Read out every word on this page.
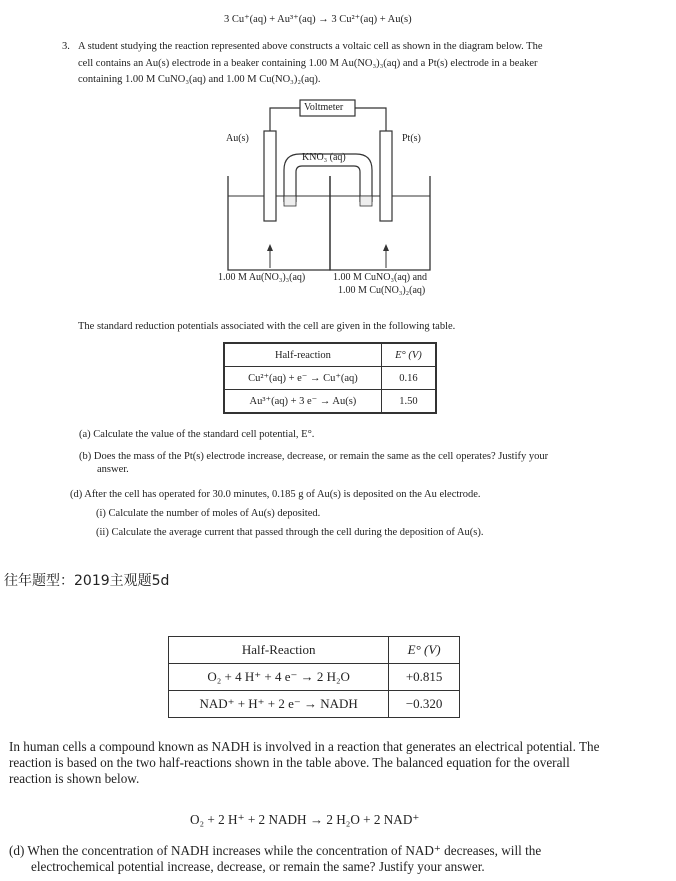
3 Cu⁺(aq) + Au³⁺(aq) → 3 Cu²⁺(aq) + Au(s)
3. A student studying the reaction represented above constructs a voltaic cell as shown in the diagram below. The
cell contains an Au(s) electrode in a beaker containing 1.00 M Au(NO₃)₃(aq) and a Pt(s) electrode in a beaker
containing 1.00 M CuNO₃(aq) and 1.00 M Cu(NO₃)₂(aq).
Voltmeter
Au(s)	Pt(s)
KNO₃ (aq)
1.00 M Au(NO₃)₃(aq)	1.00 M CuNO₃(aq) and
1.00 M Cu(NO₃)₂(aq)
The standard reduction potentials associated with the cell are given in the following table.
Half-reaction	E° (V)
Cu²⁺(aq) + e⁻ → Cu⁺(aq)	0.16
Au³⁺(aq) + 3 e⁻ → Au(s)	1.50
(a) Calculate the value of the standard cell potential, E°.
(b) Does the mass of the Pt(s) electrode increase, decrease, or remain the same as the cell operates? Justify your
answer.
(d) After the cell has operated for 30.0 minutes, 0.185 g of Au(s) is deposited on the Au electrode.
(i) Calculate the number of moles of Au(s) deposited.
(ii) Calculate the average current that passed through the cell during the deposition of Au(s).
往年题型：2019主观题5d
Half-Reaction	E° (V)
O₂ + 4 H⁺ + 4 e⁻ → 2 H₂O	+0.815
NAD⁺ + H⁺ + 2 e⁻ → NADH	−0.320
In human cells a compound known as NADH is involved in a reaction that generates an electrical potential. The
reaction is based on the two half-reactions shown in the table above. The balanced equation for the overall
reaction is shown below.
O₂ + 2 H⁺ + 2 NADH → 2 H₂O + 2 NAD⁺
(d) When the concentration of NADH increases while the concentration of NAD⁺ decreases, will the
electrochemical potential increase, decrease, or remain the same? Justify your answer.
